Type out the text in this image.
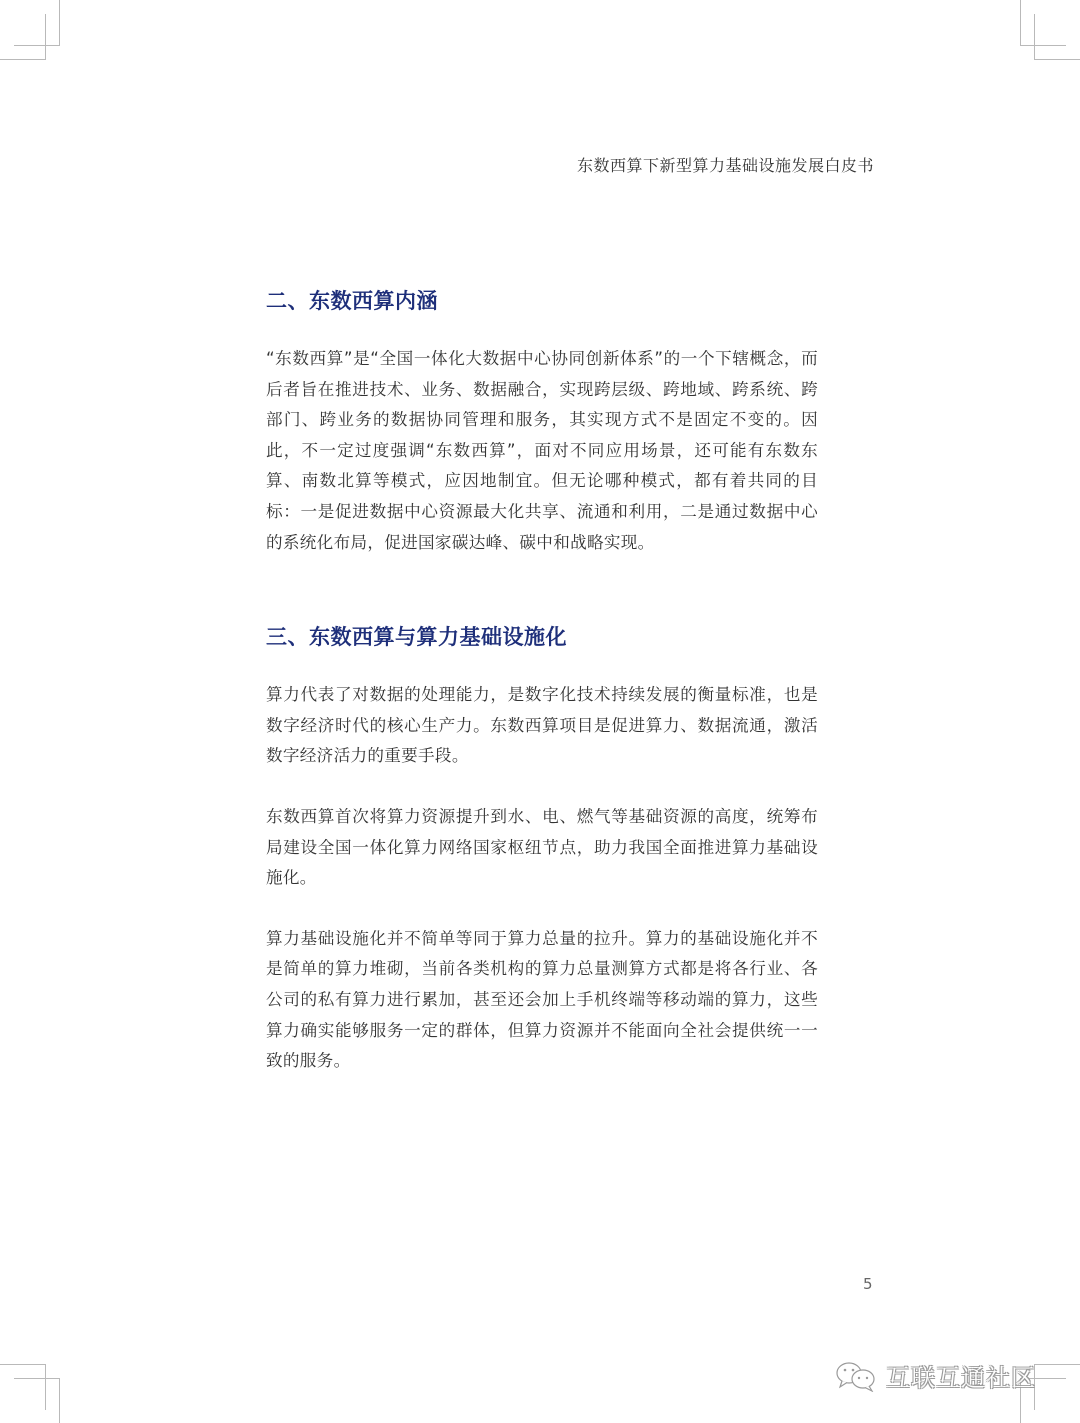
东数西算下新型算力基础设施发展白皮书
二、东数西算内涵

“东数西算”是“全国一体化大数据中心协同创新体系”的一个下辖概念，而后者旨在推进技术、业务、数据融合，实现跨层级、跨地域、跨系统、跨部门、跨业务的数据协同管理和服务，其实现方式不是固定不变的。因此，不一定过度强调“东数西算”，面对不同应用场景，还可能有东数东算、南数北算等模式，应因地制宜。但无论哪种模式，都有着共同的目标：一是促进数据中心资源最大化共享、流通和利用，二是通过数据中心的系统化布局，促进国家碳达峰、碳中和战略实现。

三、东数西算与算力基础设施化

算力代表了对数据的处理能力，是数字化技术持续发展的衡量标准，也是数字经济时代的核心生产力。东数西算项目是促进算力、数据流通，激活数字经济活力的重要手段。

东数西算首次将算力资源提升到水、电、燃气等基础资源的高度，统筹布局建设全国一体化算力网络国家枢纽节点，助力我国全面推进算力基础设施化。

算力基础设施化并不简单等同于算力总量的拉升。算力的基础设施化并不是简单的算力堆砌，当前各类机构的算力总量测算方式都是将各行业、各公司的私有算力进行累加，甚至还会加上手机终端等移动端的算力，这些算力确实能够服务一定的群体，但算力资源并不能面向全社会提供统一一致的服务。

5
互联互通社区
